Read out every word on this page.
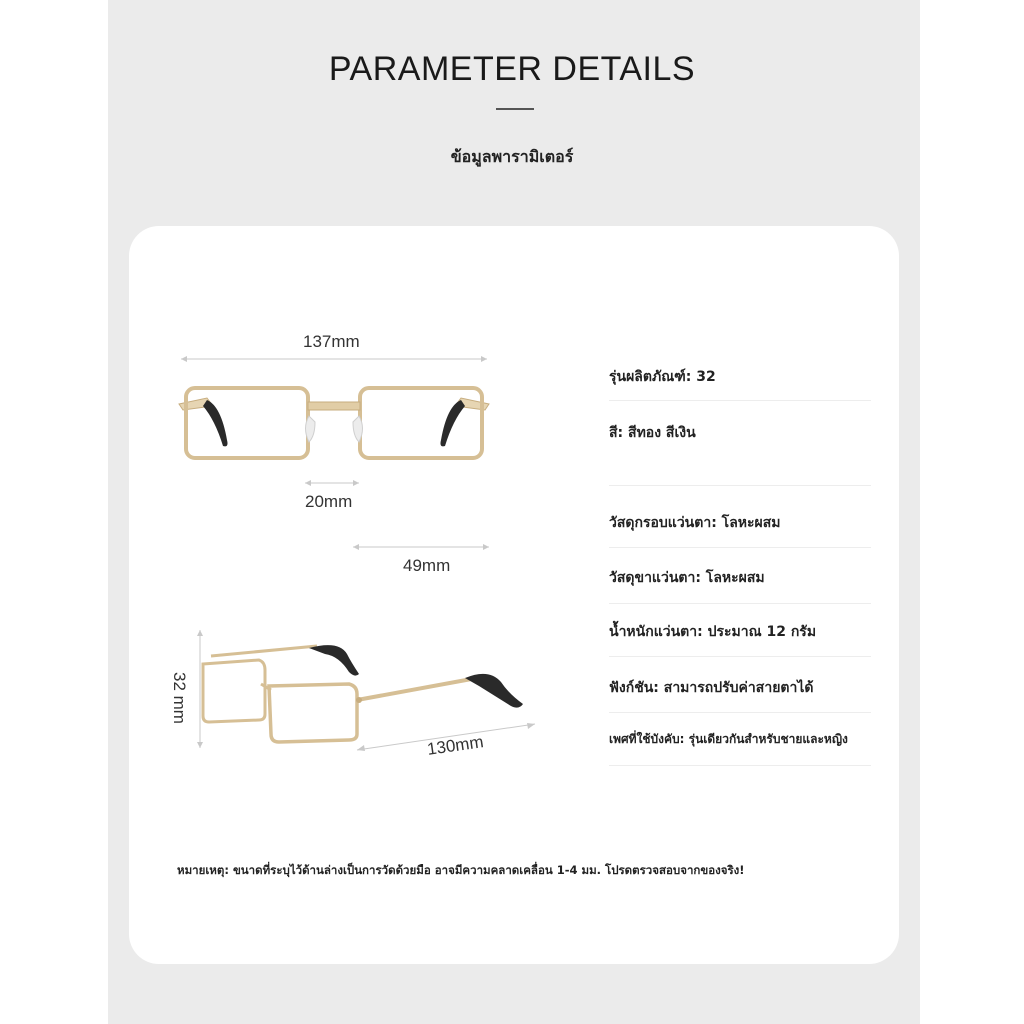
PARAMETER DETAILS
ข้อมูลพารามิเตอร์
137mm
20mm
49mm
32 mm
130mm
รุ่นผลิตภัณฑ์: 32
สี: สีทอง สีเงิน
วัสดุกรอบแว่นตา: โลหะผสม
วัสดุขาแว่นตา: โลหะผสม
น้ำหนักแว่นตา: ประมาณ 12 กรัม
ฟังก์ชัน: สามารถปรับค่าสายตาได้
เพศที่ใช้บังคับ: รุ่นเดียวกันสำหรับชายและหญิง
หมายเหตุ: ขนาดที่ระบุไว้ด้านล่างเป็นการวัดด้วยมือ อาจมีความคลาดเคลื่อน 1-4 มม. โปรดตรวจสอบจากของจริง!
